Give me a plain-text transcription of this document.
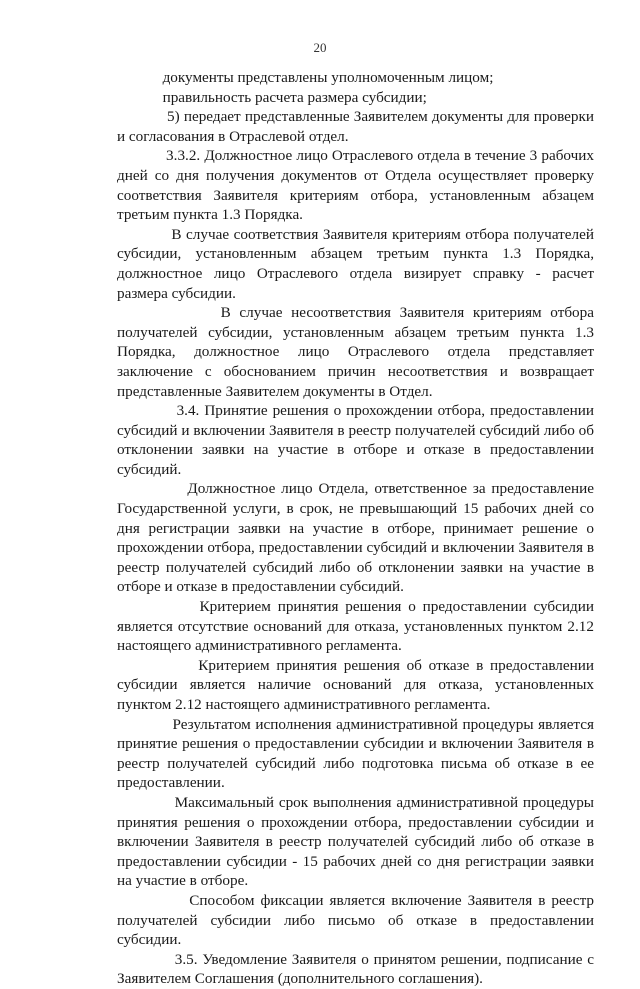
20

документы представлены уполномоченным лицом;

правильность расчета размера субсидии;

5) передает представленные Заявителем документы для проверки и согласования в Отраслевой отдел.

3.3.2. Должностное лицо Отраслевого отдела в течение 3 рабочих дней со дня получения документов от Отдела осуществляет проверку соответствия Заявителя критериям отбора, установленным абзацем третьим пункта 1.3 Порядка.

В случае соответствия Заявителя критериям отбора получателей субсидии, установленным абзацем третьим пункта 1.3 Порядка, должностное лицо Отраслевого отдела визирует справку - расчет размера субсидии.

В случае несоответствия Заявителя критериям отбора получателей субсидии, установленным абзацем третьим пункта 1.3 Порядка, должностное лицо Отраслевого отдела представляет заключение с обоснованием причин несоответствия и возвращает представленные Заявителем документы в Отдел.

3.4. Принятие решения о прохождении отбора, предоставлении субсидий и включении Заявителя в реестр получателей субсидий либо об отклонении заявки на участие в отборе и отказе в предоставлении субсидий.

Должностное лицо Отдела, ответственное за предоставление Государственной услуги, в срок, не превышающий 15 рабочих дней со дня регистрации заявки на участие в отборе, принимает решение о прохождении отбора, предоставлении субсидий и включении Заявителя в реестр получателей субсидий либо об отклонении заявки на участие в отборе и отказе в предоставлении субсидий.

Критерием принятия решения о предоставлении субсидии является отсутствие оснований для отказа, установленных пунктом 2.12 настоящего административного регламента.

Критерием принятия решения об отказе в предоставлении субсидии является наличие оснований для отказа, установленных пунктом 2.12 настоящего административного регламента.

Результатом исполнения административной процедуры является принятие решения о предоставлении субсидии и включении Заявителя в реестр получателей субсидий либо подготовка письма об отказе в ее предоставлении.

Максимальный срок выполнения административной процедуры принятия решения о прохождении отбора, предоставлении субсидии и включении Заявителя в реестр получателей субсидий либо об отказе в предоставлении субсидии - 15 рабочих дней со дня регистрации заявки на участие в отборе.

Способом фиксации является включение Заявителя в реестр получателей субсидии либо письмо об отказе в предоставлении субсидии.

3.5. Уведомление Заявителя о принятом решении, подписание с Заявителем Соглашения (дополнительного соглашения).
